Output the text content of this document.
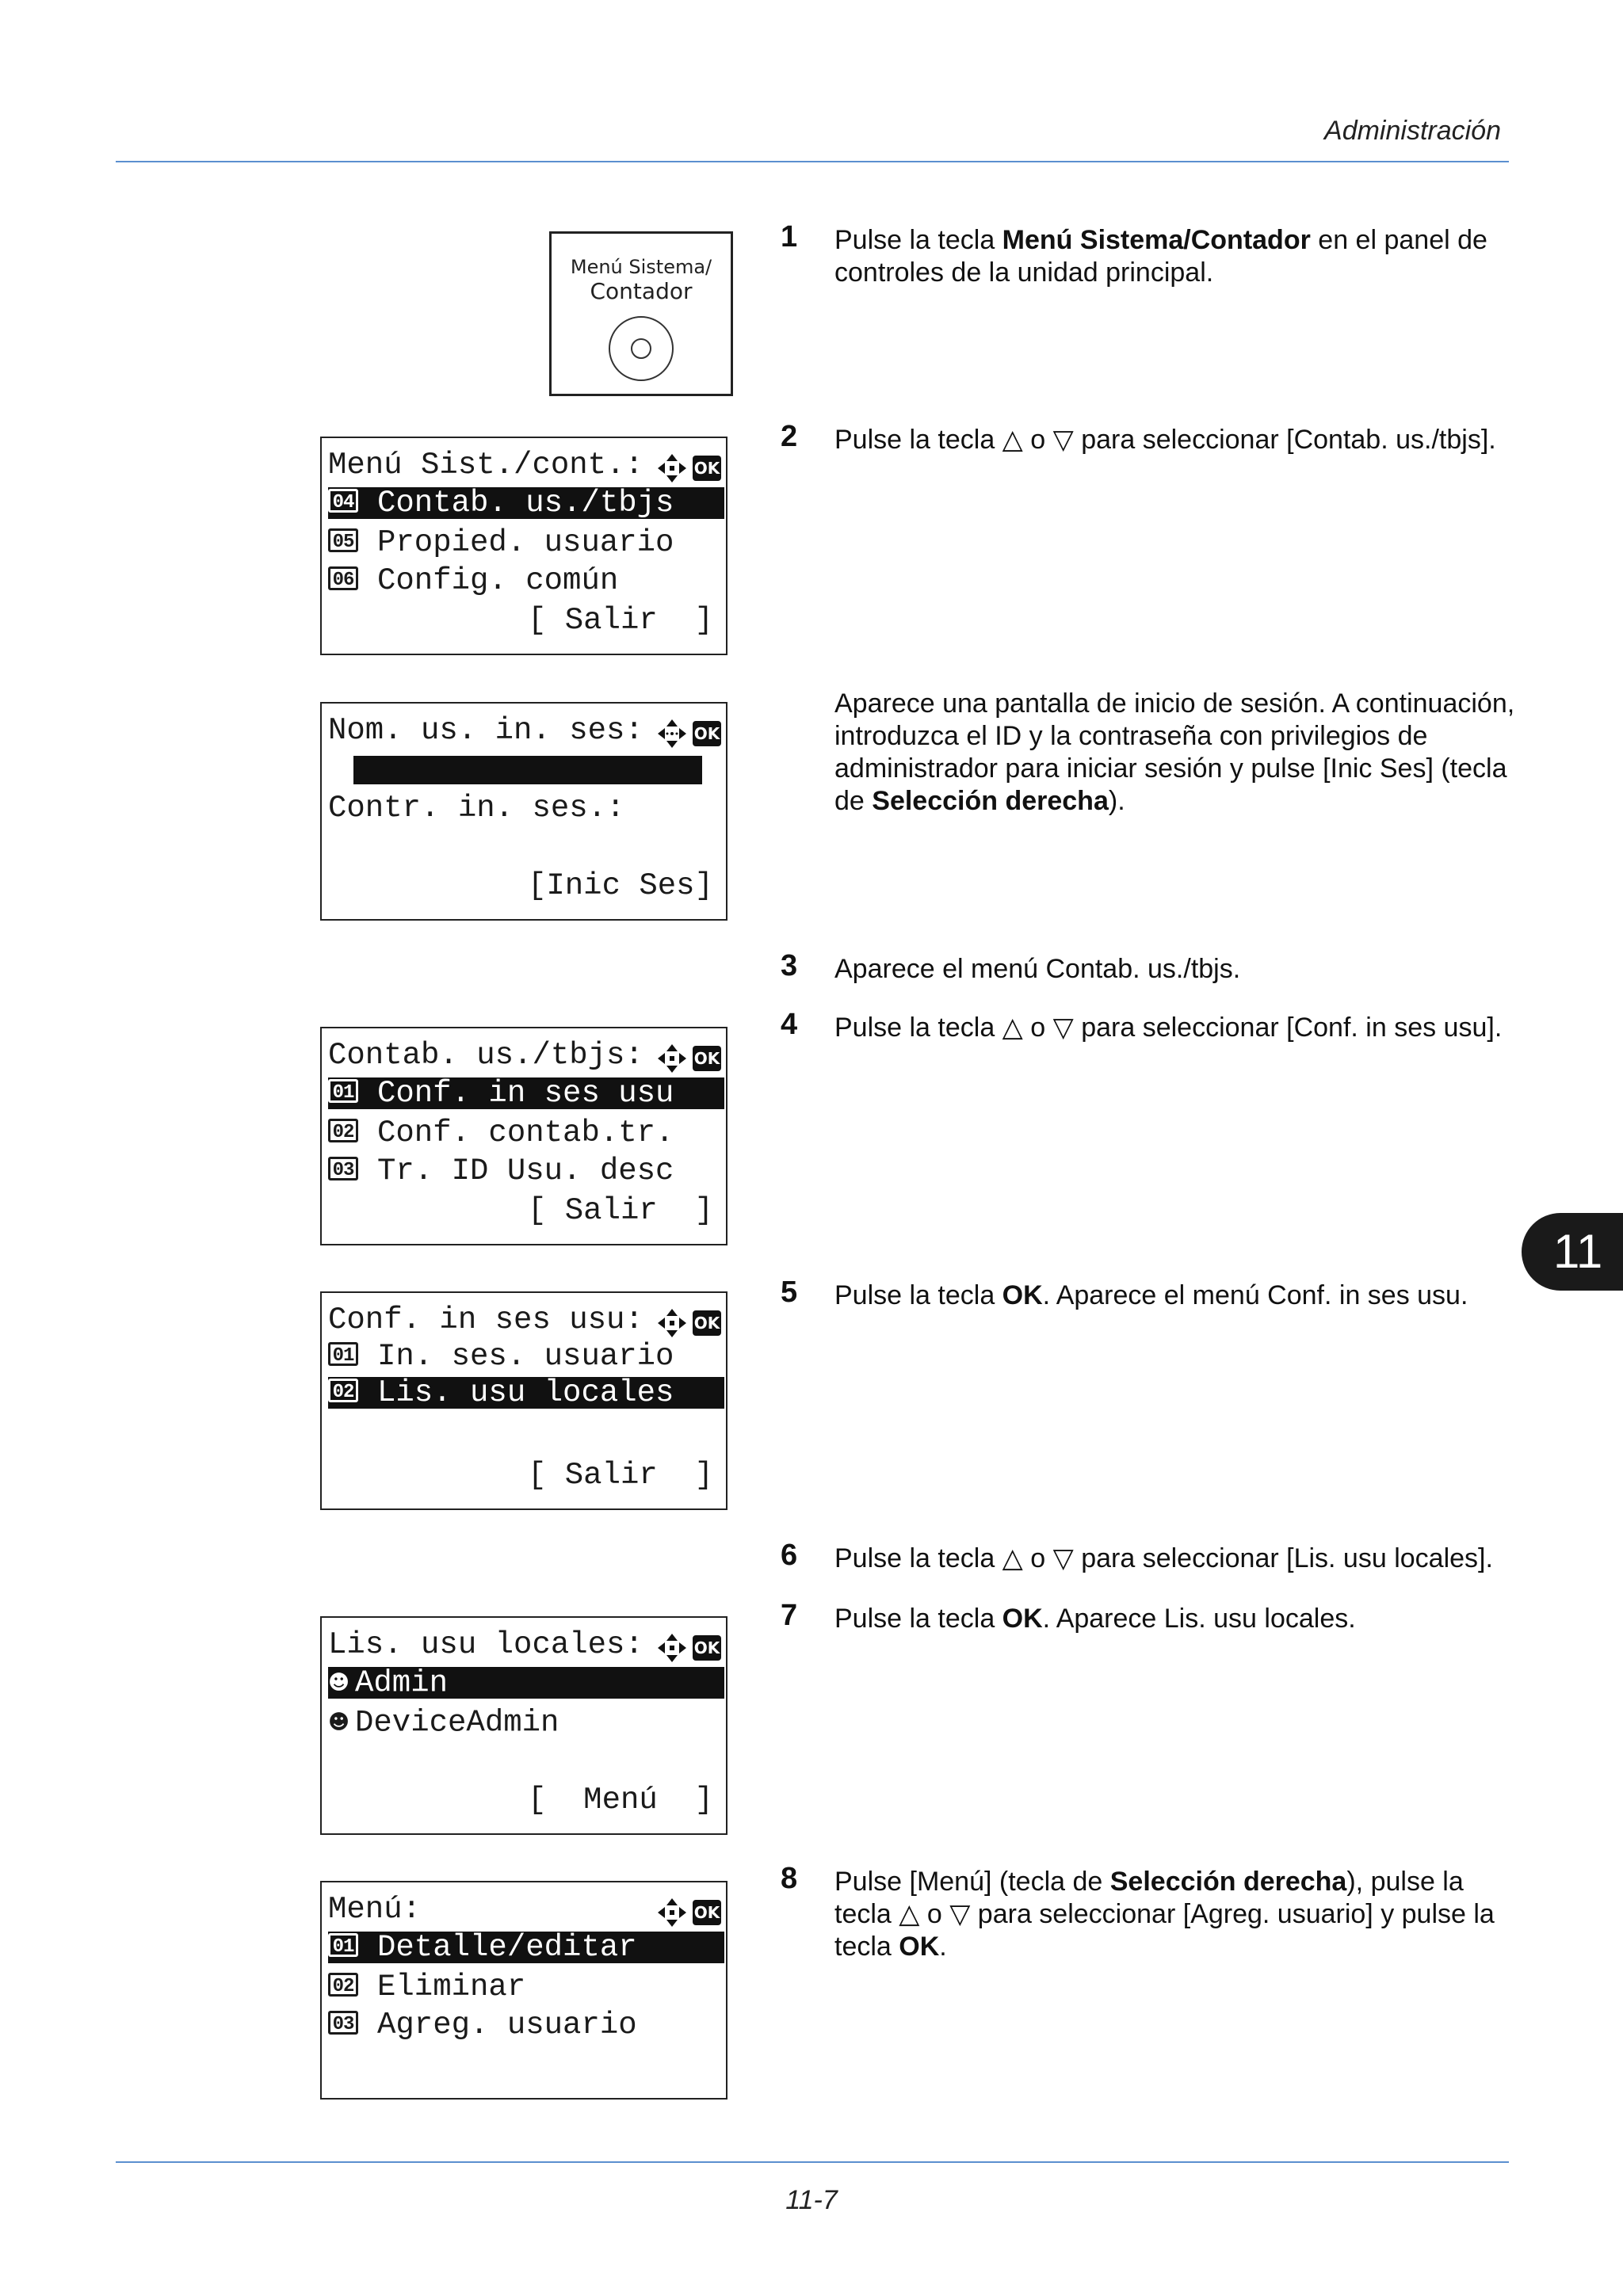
Administración
Menú Sistema/
Contador
Menú Sist./cont.:	OK
04 Contab. us./tbjs
05 Propied. usuario
06 Config. común
[ Salir  ]
Nom. us. in. ses:	OK
Contr. in. ses.:
[Inic Ses]
Contab. us./tbjs:	OK
01 Conf. in ses usu
02 Conf. contab.tr.
03 Tr. ID Usu. desc
[ Salir  ]
Conf. in ses usu:	OK
01 In. ses. usuario
02 Lis. usu locales
[ Salir  ]
Lis. usu locales:	OK
☻ Admin
☻ DeviceAdmin
[  Menú  ]
Menú:	OK
01 Detalle/editar
02 Eliminar
03 Agreg. usuario
1 Pulse la tecla Menú Sistema/Contador en el panel de controles de la unidad principal.
2 Pulse la tecla △ o ▽ para seleccionar [Contab. us./tbjs].
Aparece una pantalla de inicio de sesión. A continuación, introduzca el ID y la contraseña con privilegios de administrador para iniciar sesión y pulse [Inic Ses] (tecla de Selección derecha).
3 Aparece el menú Contab. us./tbjs.
4 Pulse la tecla △ o ▽ para seleccionar [Conf. in ses usu].
5 Pulse la tecla OK. Aparece el menú Conf. in ses usu.
6 Pulse la tecla △ o ▽ para seleccionar [Lis. usu locales].
7 Pulse la tecla OK. Aparece Lis. usu locales.
8 Pulse [Menú] (tecla de Selección derecha), pulse la tecla △ o ▽ para seleccionar [Agreg. usuario] y pulse la tecla OK.
11
11-7
